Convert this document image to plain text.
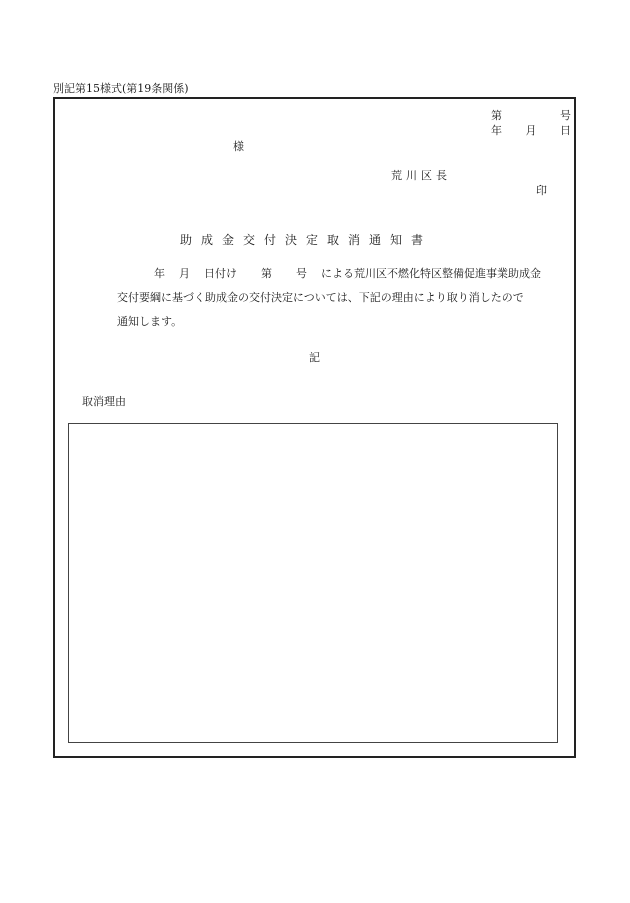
別記第15様式(第19条関係)
第	号
年 月 日
様
荒川区長
印
助成金交付決定取消通知書
年 月 日付け 第 号 による荒川区不燃化特区整備促進事業助成金
交付要綱に基づく助成金の交付決定については、下記の理由により取り消したので
通知します。
記
取消理由
